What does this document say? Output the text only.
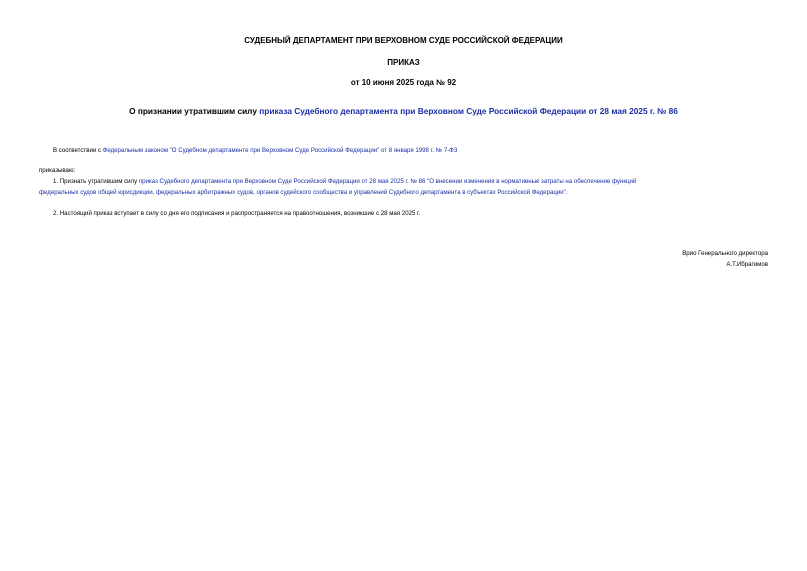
СУДЕБНЫЙ ДЕПАРТАМЕНТ ПРИ ВЕРХОВНОМ СУДЕ РОССИЙСКОЙ ФЕДЕРАЦИИ
ПРИКАЗ
от 10 июня 2025 года № 92
О признании утратившим силу приказа Судебного департамента при Верховном Суде Российской Федерации от 28 мая 2025 г. № 86
В соответствии с Федеральным законом "О Судебном департаменте при Верховном Суде Российской Федерации" от 8 января 1998 г. № 7-ФЗ
приказываю:
1. Признать утратившим силу приказ Судебного департамента при Верховном Суде Российской Федерации от 28 мая 2025 г. № 86 "О внесении изменения в нормативные затраты на обеспечение функций
федеральных судов общей юрисдикции, федеральных арбитражных судов, органов судейского сообщества и управлений Судебного департамента в субъектах Российской Федерации".
2. Настоящий приказ вступает в силу со дня его подписания и распространяется на правоотношения, возникшие с 28 мая 2025 г.
Врио Генерального директора
А.Т.Ибрагимов
